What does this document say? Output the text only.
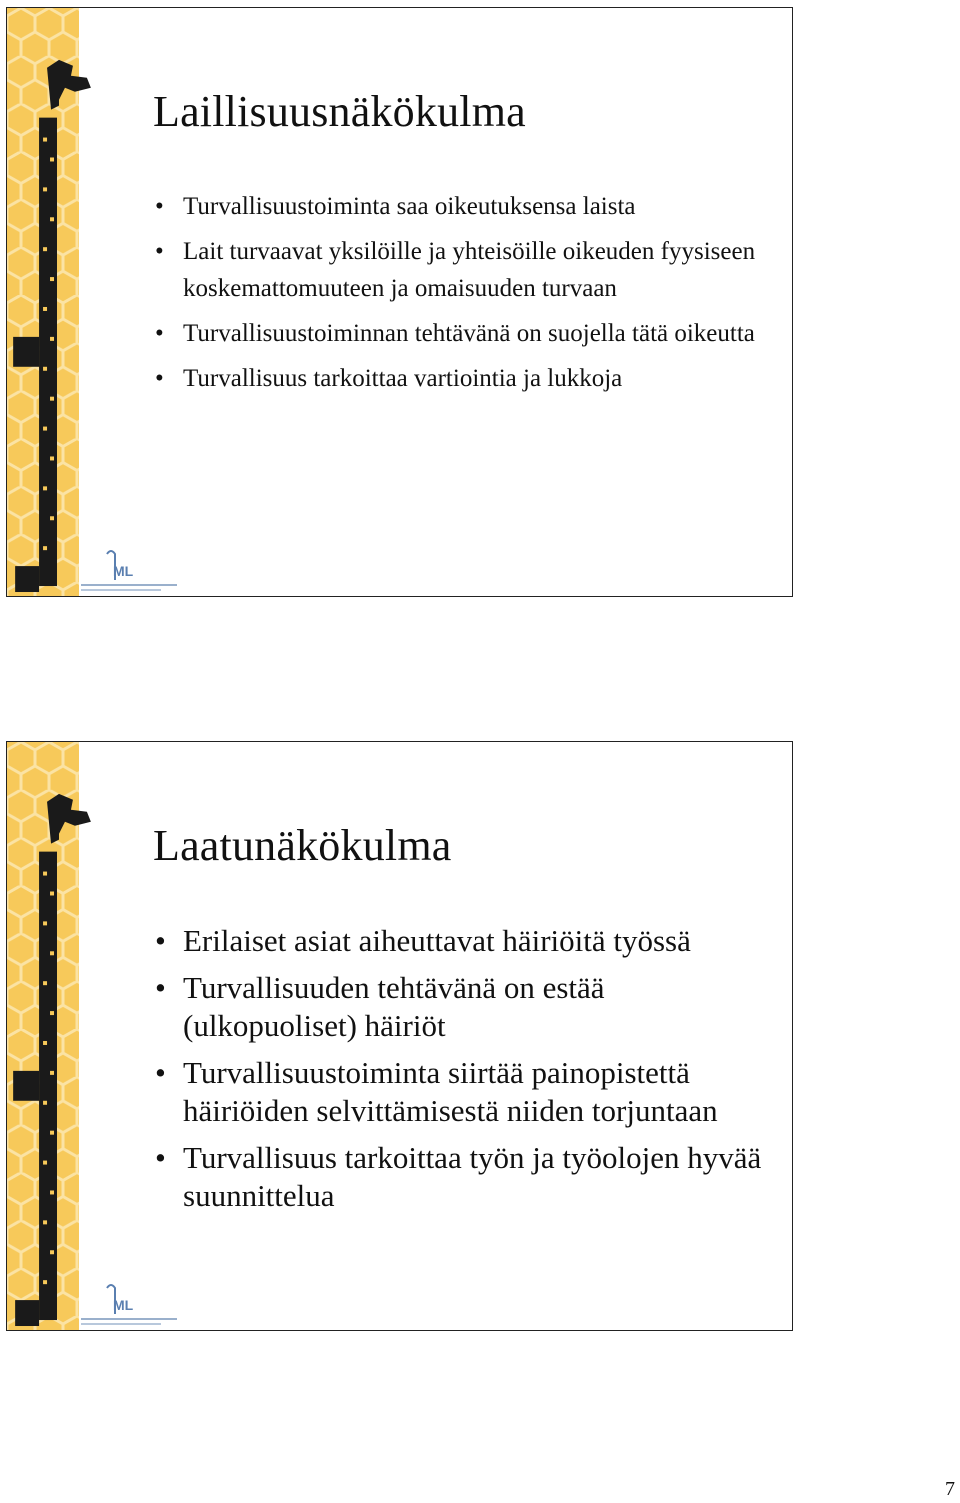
ML
Laillisuusnäkökulma
• Turvallisuustoiminta saa oikeutuksensa laista
• Lait turvaavat yksilöille ja yhteisöille oikeuden fyysiseen koskemattomuuteen ja omaisuuden turvaan
• Turvallisuustoiminnan tehtävänä on suojella tätä oikeutta
• Turvallisuus tarkoittaa vartiointia ja lukkoja
ML
Laatunäkökulma
• Erilaiset asiat aiheuttavat häiriöitä työssä
• Turvallisuuden tehtävänä on estää (ulkopuoliset) häiriöt
• Turvallisuustoiminta siirtää painopistettä häiriöiden selvittämisestä niiden torjuntaan
• Turvallisuus tarkoittaa työn ja työolojen hyvää suunnittelua
7
